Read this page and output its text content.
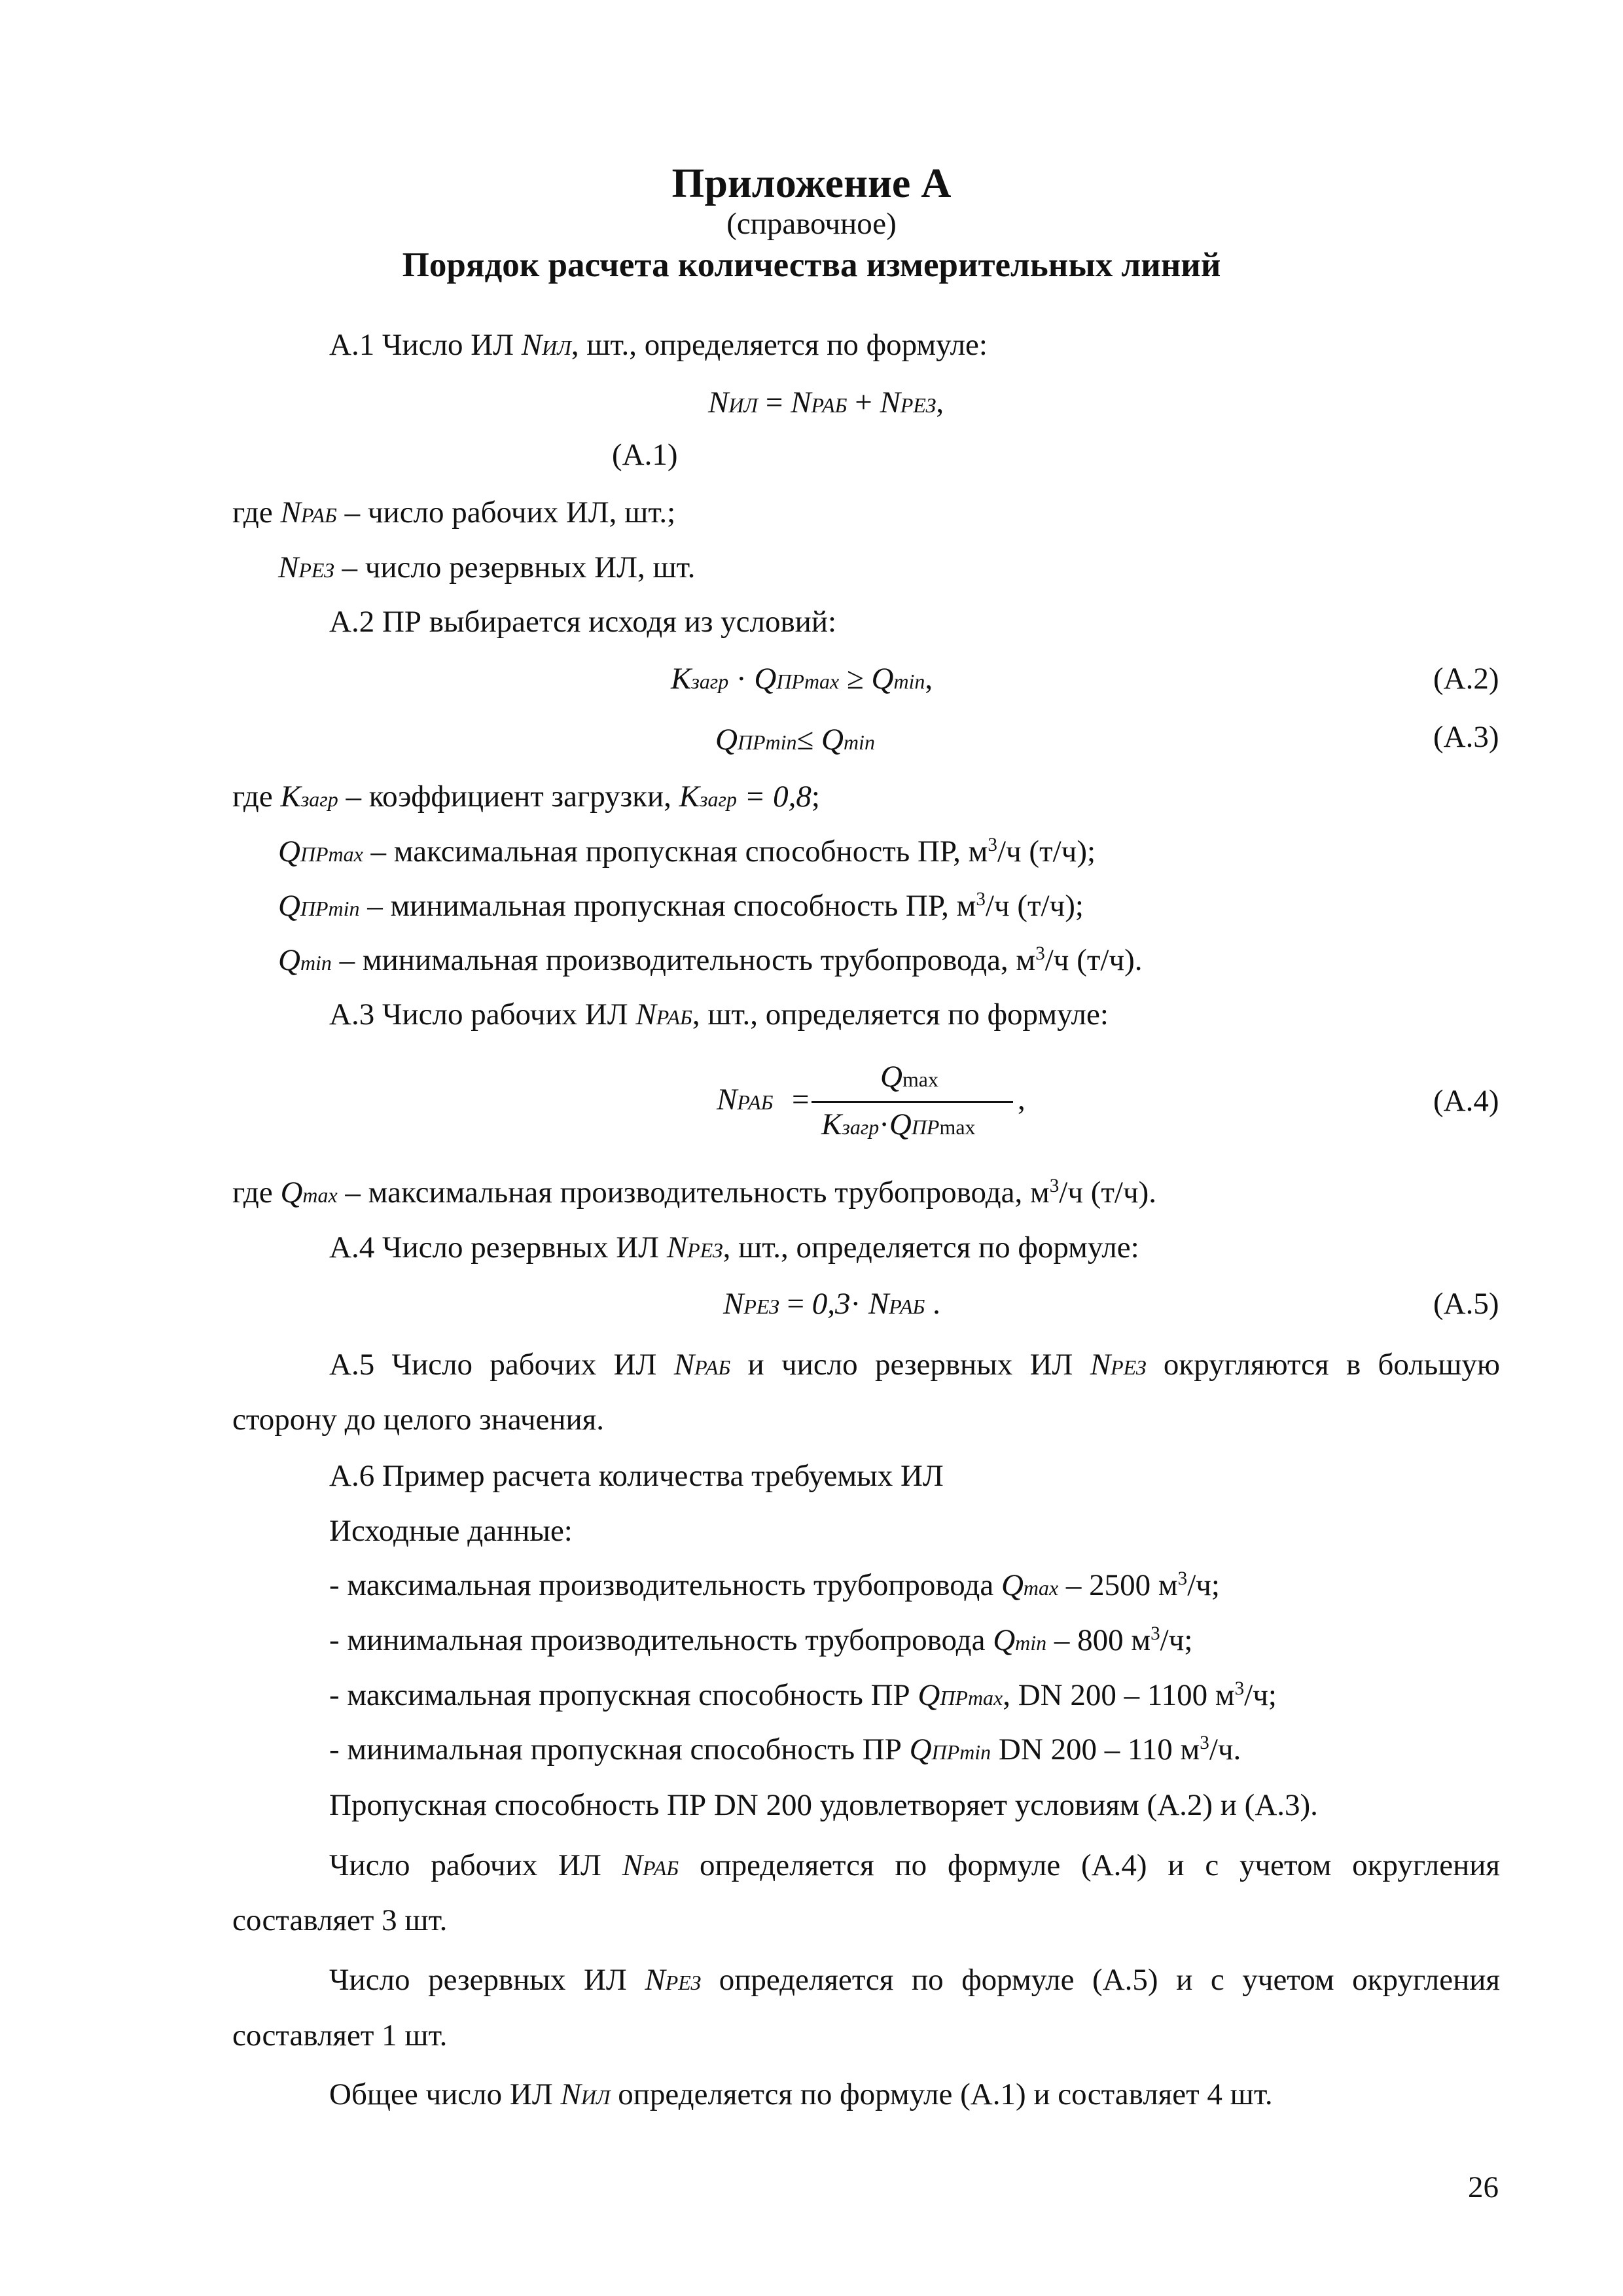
Приложение А
(справочное)
Порядок расчета количества измерительных линий
А.1 Число ИЛ NИЛ, шт., определяется по формуле:
NИЛ = NРАБ + NРЕЗ,
(А.1)
где NРАБ – число рабочих ИЛ, шт.;
NРЕЗ – число резервных ИЛ, шт.
А.2 ПР выбирается исходя из условий:
Kзагр · QПРmax ≥ Qmin,	(А.2)
QПРmin≤ Qmin	(А.3)
где Kзагр – коэффициент загрузки, Kзагр = 0,8;
QПРmax – максимальная пропускная способность ПР, $м^3/ч$ (т/ч);
QПРmin – минимальная пропускная способность ПР, $м^3/ч$ (т/ч);
Qmin – минимальная производительность трубопровода, $м^3/ч$ (т/ч).
А.3 Число рабочих ИЛ NРАБ, шт., определяется по формуле:
NРАБ =
Qmax
Kзагр·QПРmax
,	(А.4)
где Qmax – максимальная производительность трубопровода, $м^3/ч$ (т/ч).
А.4 Число резервных ИЛ NРЕЗ, шт., определяется по формуле:
NРЕЗ = 0,3· NРАБ .	(А.5)
А.5 Число рабочих ИЛ NРАБ и число резервных ИЛ NРЕЗ округляются в большую
сторону до целого значения.
А.6 Пример расчета количества требуемых ИЛ
Исходные данные:
- максимальная производительность трубопровода Qmax – 2500 $м^3/ч$;
- минимальная производительность трубопровода Qmin – 800 $м^3/ч$;
- максимальная пропускная способность ПР QПРmax, DN 200 – 1100 $м^3/ч$;
- минимальная пропускная способность ПР QПРmin DN 200 – 110 $м^3/ч$.
Пропускная способность ПР DN 200 удовлетворяет условиям (А.2) и (А.3).
Число рабочих ИЛ NРАБ определяется по формуле (А.4) и с учетом округления
составляет 3 шт.
Число резервных ИЛ NРЕЗ определяется по формуле (А.5) и с учетом округления
составляет 1 шт.
Общее число ИЛ NИЛ определяется по формуле (А.1) и составляет 4 шт.
26
